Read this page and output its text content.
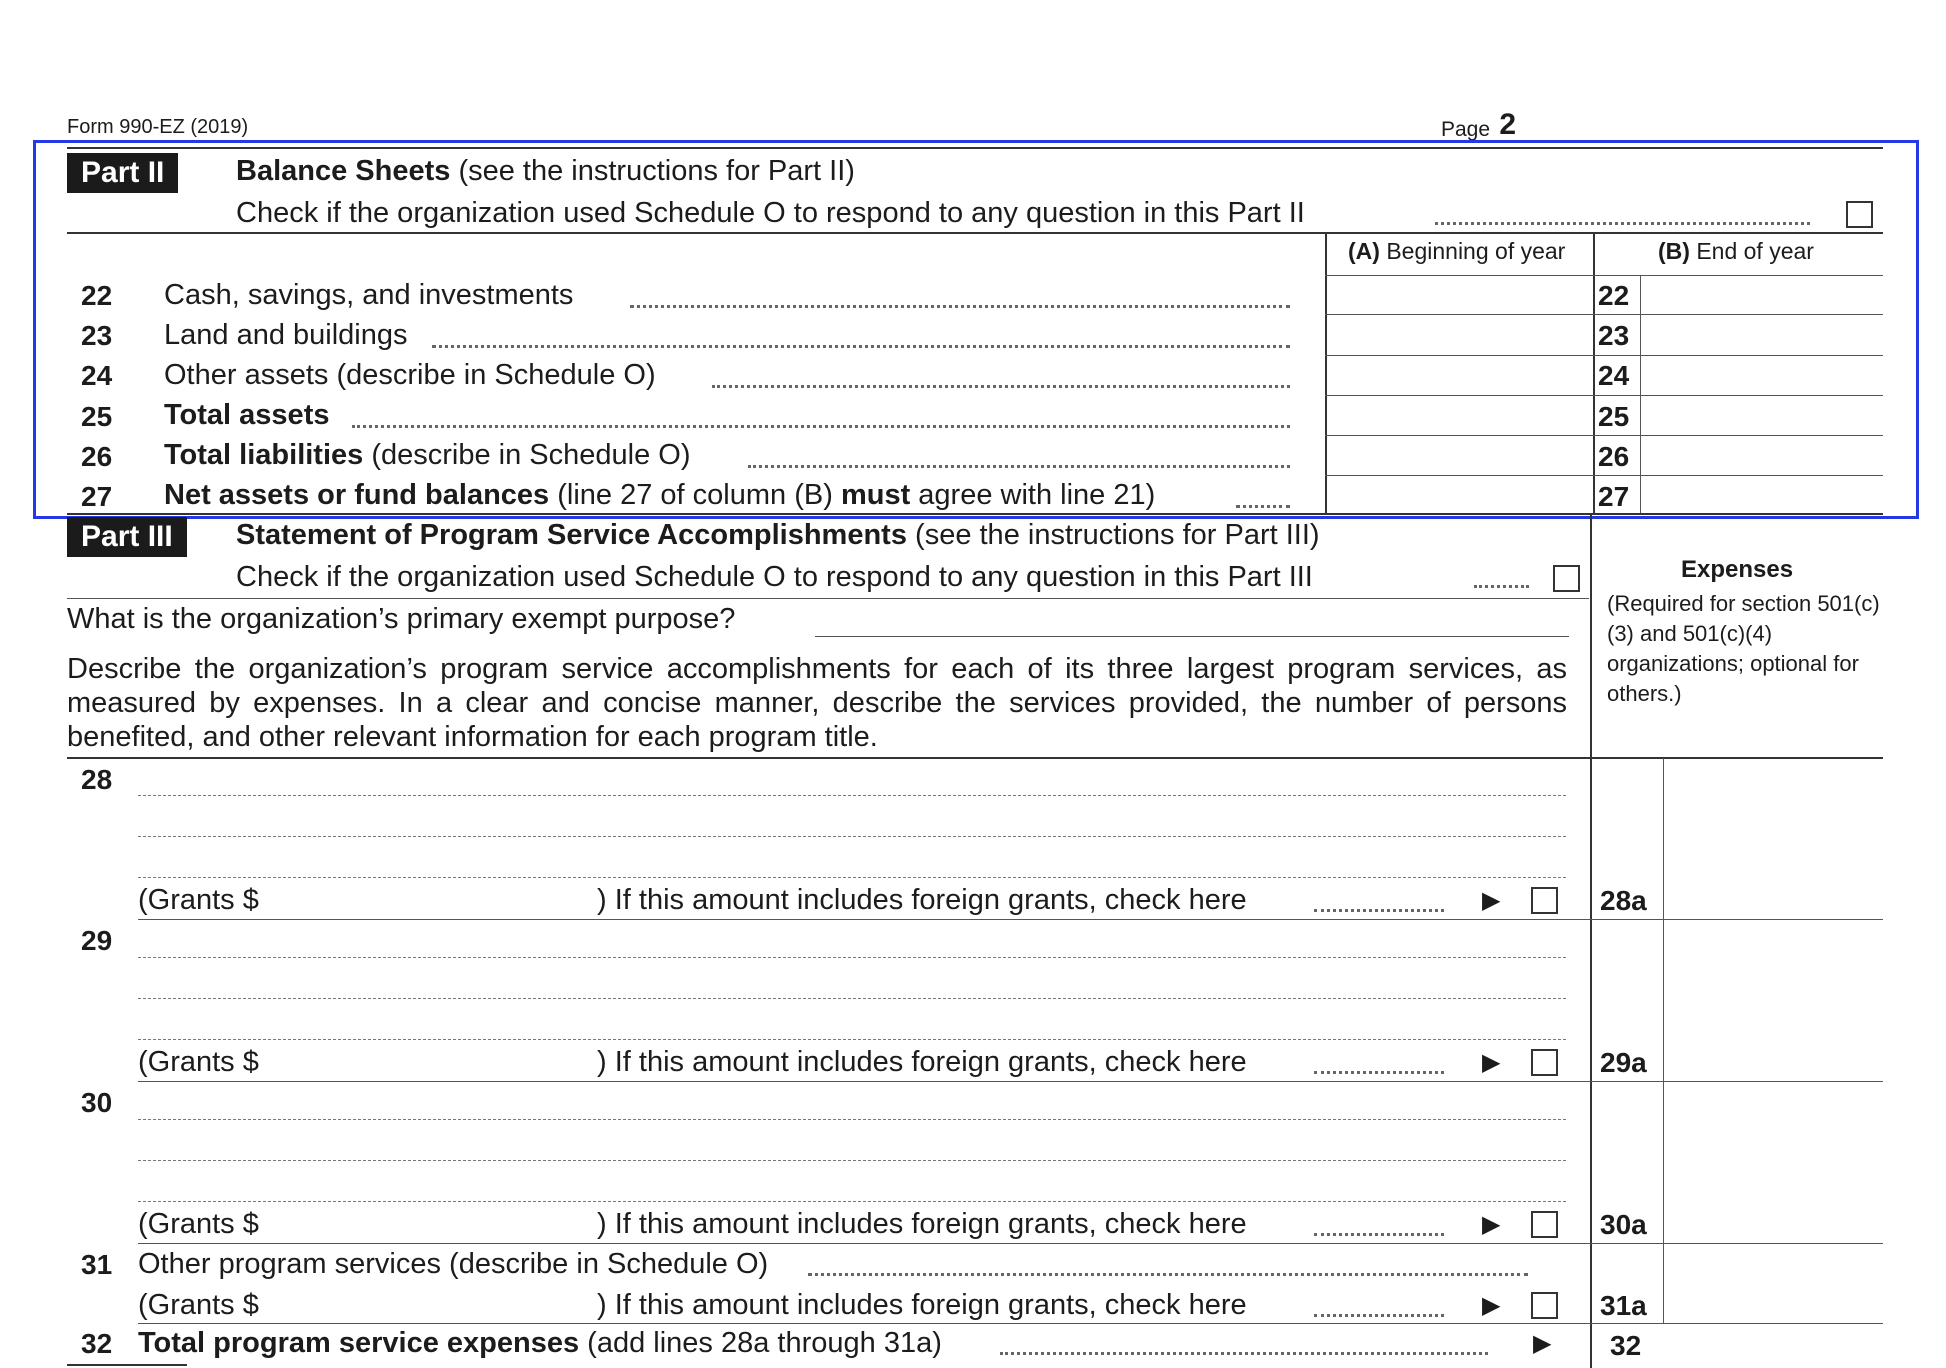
Form 990-EZ (2019)	Page 2
Part II	Balance Sheets (see the instructions for Part II)
Check if the organization used Schedule O to respond to any question in this Part II
(A) Beginning of year	(B) End of year
22 Cash, savings, and investments	22
23 Land and buildings	23
24 Other assets (describe in Schedule O)	24
25 Total assets	25
26 Total liabilities (describe in Schedule O)	26
27 Net assets or fund balances (line 27 of column (B) must agree with line 21)	27
Part III	Statement of Program Service Accomplishments (see the instructions for Part III)
Check if the organization used Schedule O to respond to any question in this Part III	Expenses
(Required for section 501(c)(3) and 501(c)(4) organizations; optional for others.)
What is the organization’s primary exempt purpose?
Describe the organization’s program service accomplishments for each of its three largest program services, as measured by expenses. In a clear and concise manner, describe the services provided, the number of persons benefited, and other relevant information for each program title.
28
(Grants $	) If this amount includes foreign grants, check here	▶	28a
29
(Grants $	) If this amount includes foreign grants, check here	▶	29a
30
(Grants $	) If this amount includes foreign grants, check here	▶	30a
31 Other program services (describe in Schedule O)
(Grants $	) If this amount includes foreign grants, check here	▶	31a
32 Total program service expenses (add lines 28a through 31a)	▶ 32
